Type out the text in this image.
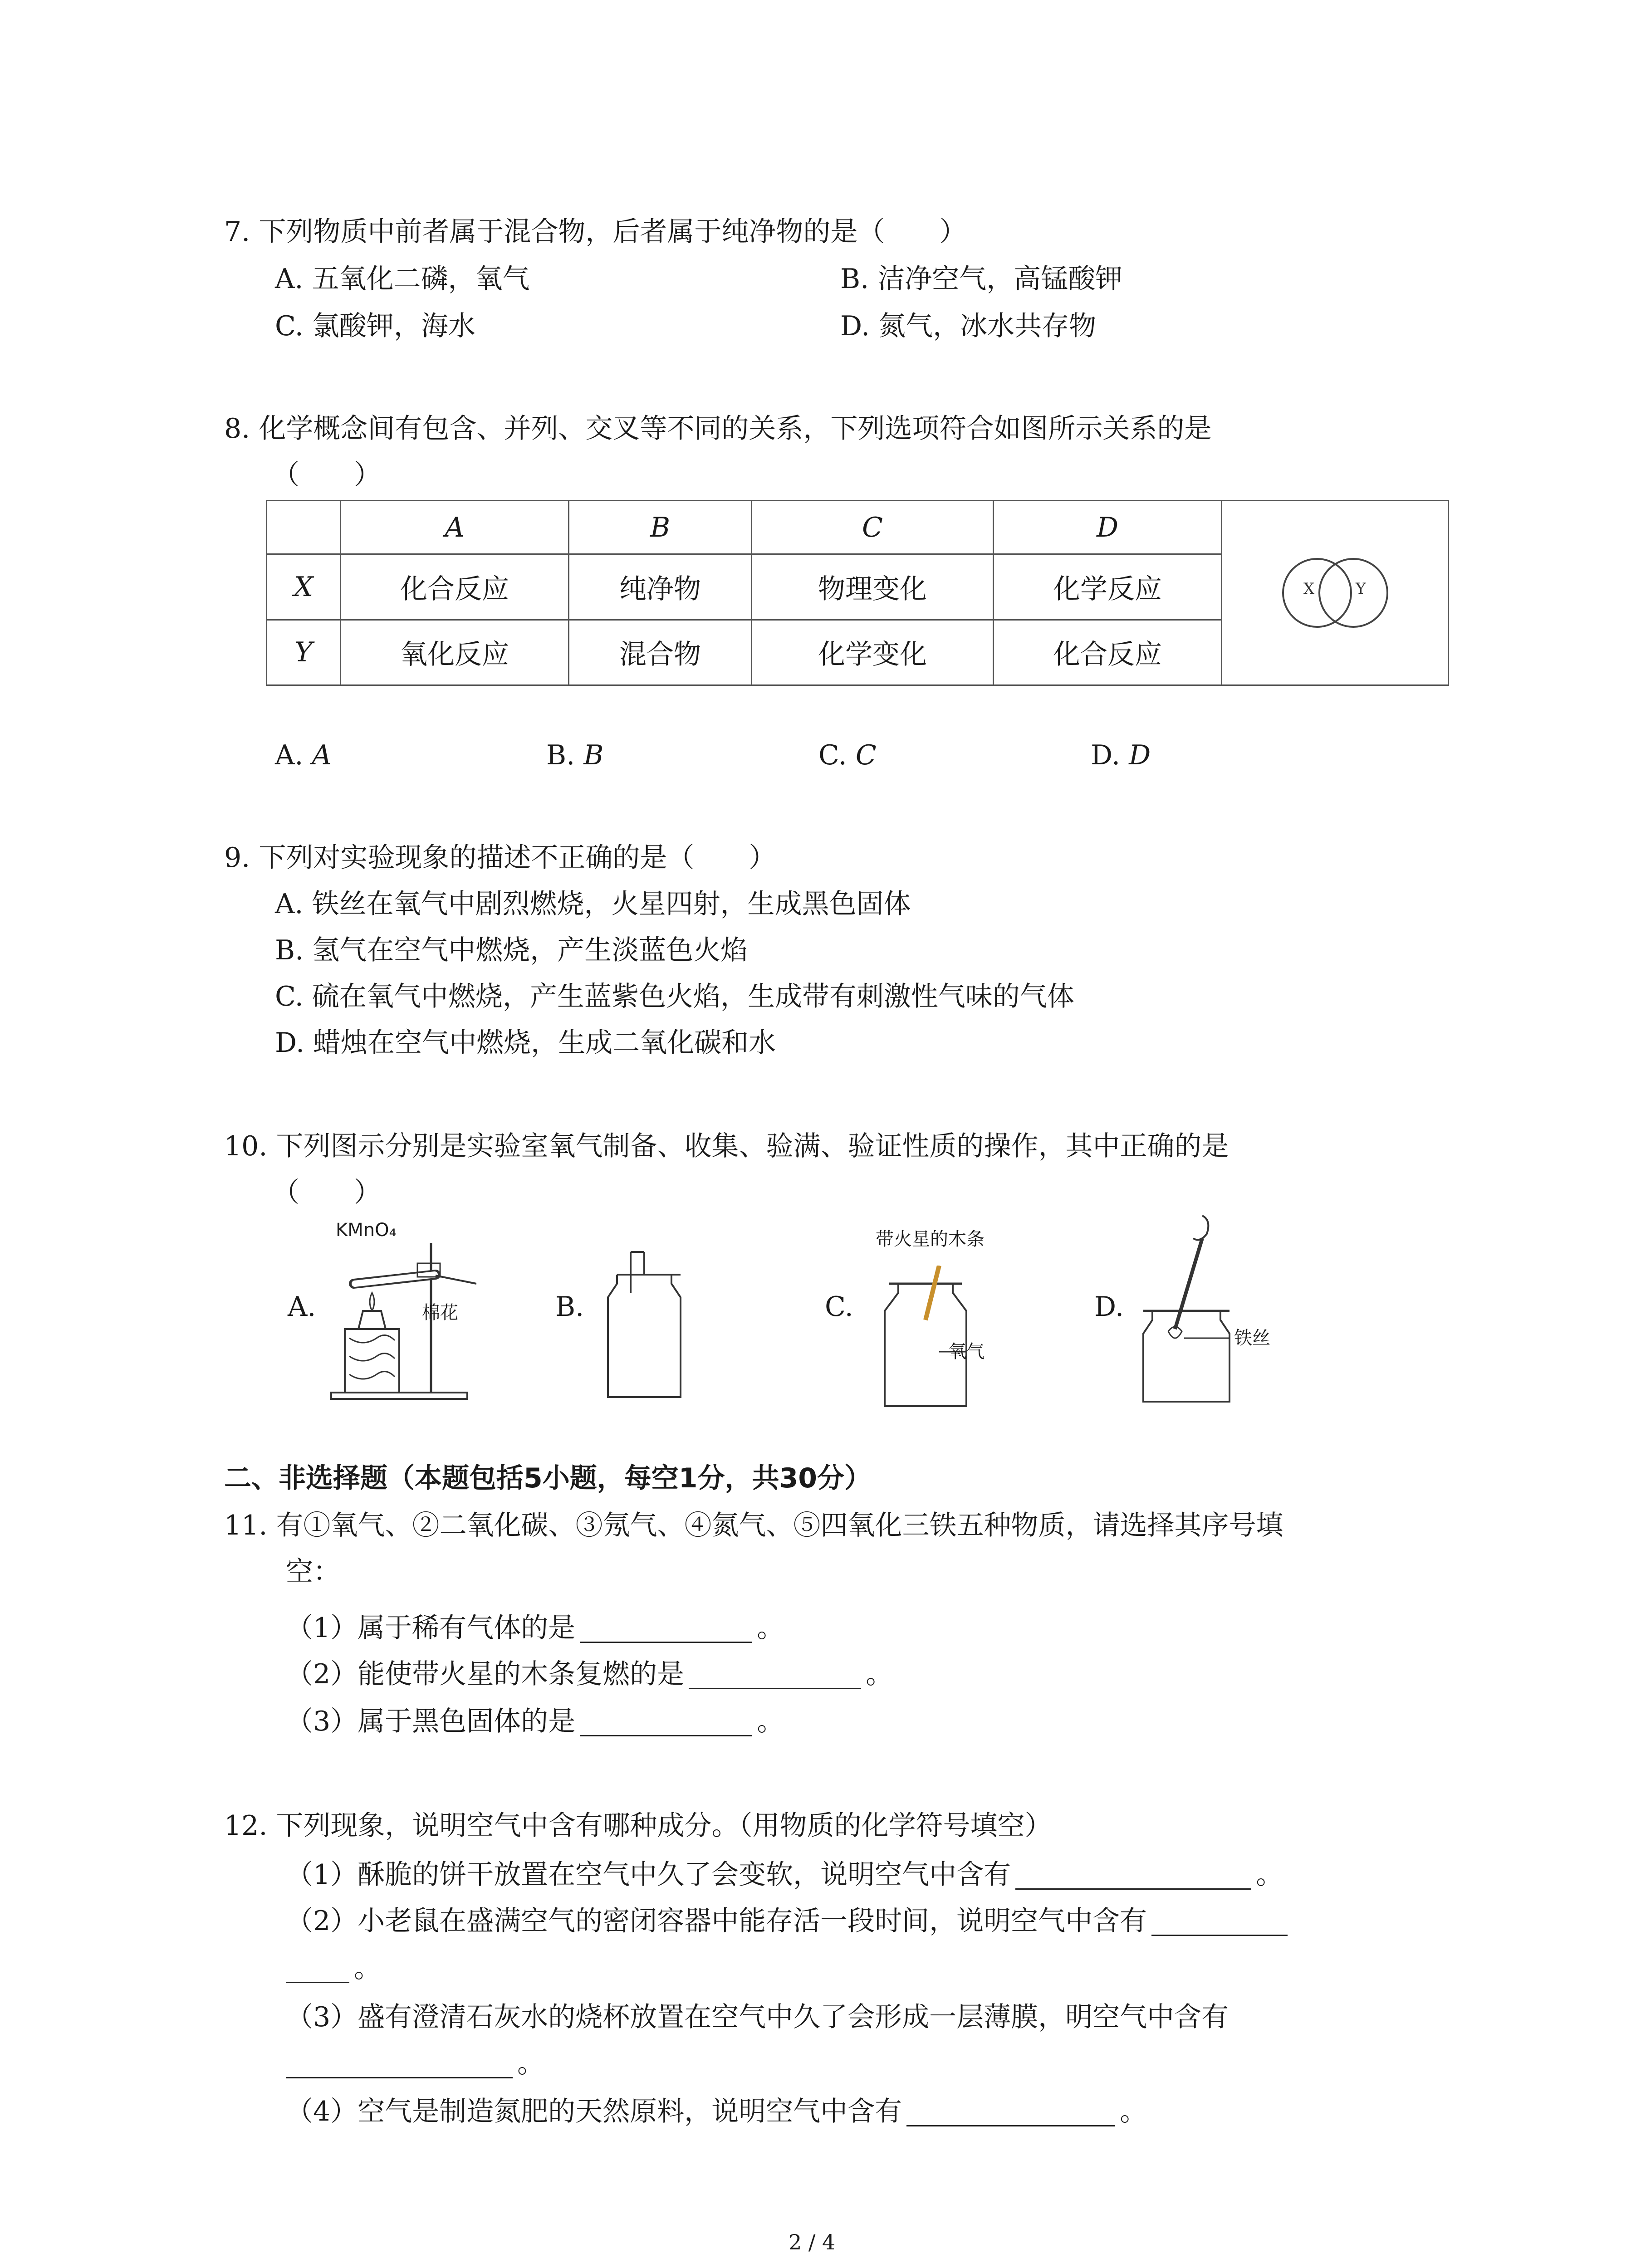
7. 下列物质中前者属于混合物，后者属于纯净物的是（　　）
A. 五氧化二磷，氧气	B. 洁净空气，高锰酸钾
C. 氯酸钾，海水	D. 氮气，冰水共存物
8. 化学概念间有包含、并列、交叉等不同的关系，下列选项符合如图所示关系的是
（　　）
	A	B	C	D	X Y

X	化合反应	纯净物	物理变化	化学反应	
Y	氧化反应	混合物	化学变化	化合反应	
A. A	B. B	C. C	D. D
9. 下列对实验现象的描述不正确的是（　　）
A. 铁丝在氧气中剧烈燃烧，火星四射，生成黑色固体
B. 氢气在空气中燃烧，产生淡蓝色火焰
C. 硫在氧气中燃烧，产生蓝紫色火焰，生成带有刺激性气味的气体
D. 蜡烛在空气中燃烧，生成二氧化碳和水
10. 下列图示分别是实验室氧气制备、收集、验满、验证性质的操作，其中正确的是
（　　）
A.	B.	C.	D.
KMnO₄
棉花
带火星的木条
氧气
铁丝
二、非选择题（本题包括5小题，每空1分，共30分）
11. 有①氧气、②二氧化碳、③氖气、④氮气、⑤四氧化三铁五种物质，请选择其序号填
空：
（1）属于稀有气体的是	。
（2）能使带火星的木条复燃的是	。
（3）属于黑色固体的是	。
12. 下列现象，说明空气中含有哪种成分。（用物质的化学符号填空）
（1）酥脆的饼干放置在空气中久了会变软，说明空气中含有	。
（2）小老鼠在盛满空气的密闭容器中能存活一段时间，说明空气中含有
。
（3）盛有澄清石灰水的烧杯放置在空气中久了会形成一层薄膜，明空气中含有
。
（4）空气是制造氮肥的天然原料，说明空气中含有	。
2 / 4
